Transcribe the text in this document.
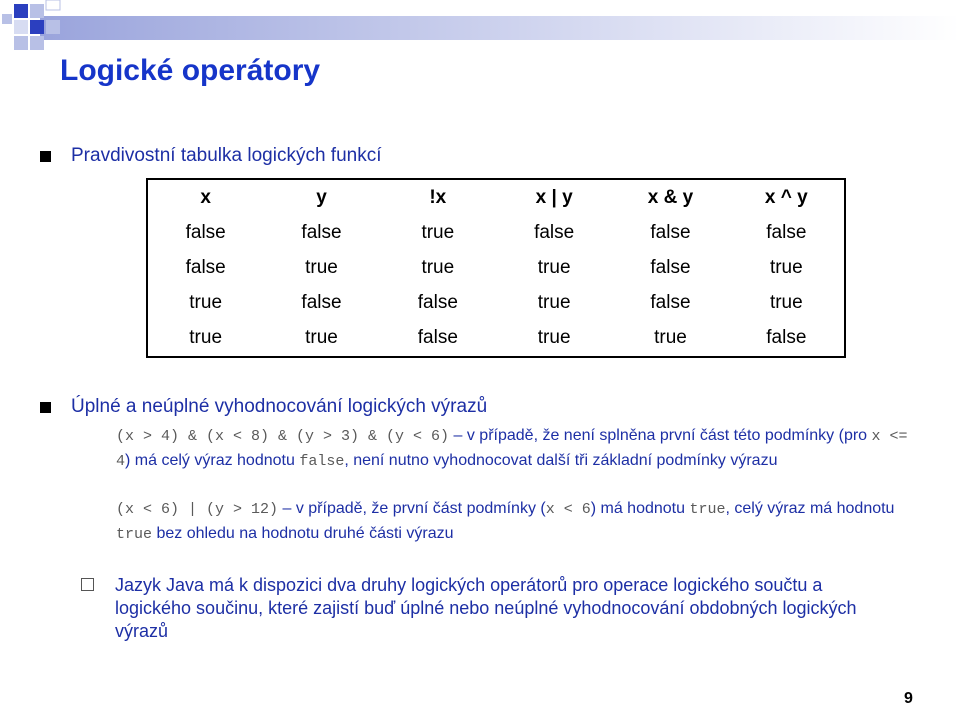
Logické operátory
Pravdivostní tabulka logických funkcí
x	y	!x	x | y	x & y	x ^ y
false	false	true	false	false	false
false	true	true	true	false	true
true	false	false	true	false	true
true	true	false	true	true	false
Úplné a neúplné vyhodnocování logických výrazů
(x > 4) & (x < 8) & (y > 3) & (y < 6) – v případě, že není splněna první část této podmínky (pro x <= 4) má celý výraz hodnotu false, není nutno vyhodnocovat další tři základní podmínky výrazu
(x < 6) | (y > 12) – v případě, že první část podmínky (x < 6) má hodnotu true, celý výraz má hodnotu true bez ohledu na hodnotu druhé části výrazu
Jazyk Java má k dispozici dva druhy logických operátorů pro operace logického součtu a logického součinu, které zajistí buď úplné nebo neúplné vyhodnocování obdobných logických výrazů
9
